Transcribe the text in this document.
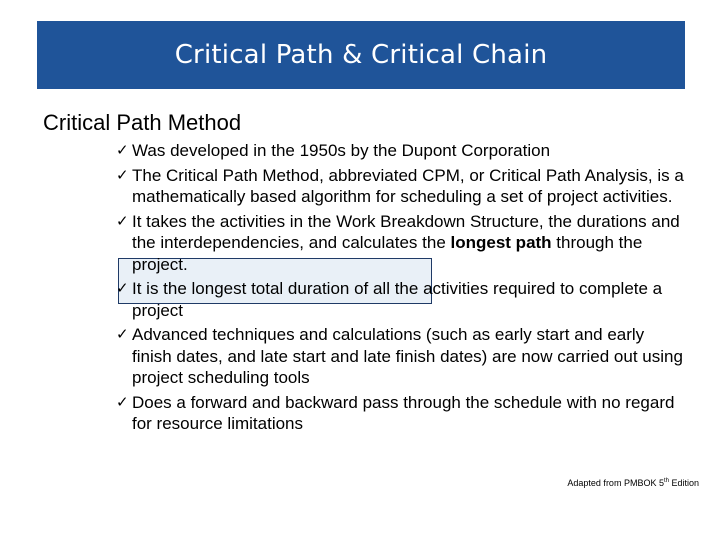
Critical Path & Critical Chain
Critical Path Method
✓ Was developed in the 1950s by the Dupont Corporation
✓ The Critical Path Method, abbreviated CPM, or Critical Path Analysis, is a mathematically based algorithm for scheduling a set of project activities.
✓ It takes the activities in the Work Breakdown Structure, the durations and the interdependencies, and calculates the longest path through the project.
✓ It is the longest total duration of all the activities required to complete a project
✓ Advanced techniques and calculations (such as early start and early finish dates, and late start and late finish dates) are now carried out using project scheduling tools
✓ Does a forward and backward pass through the schedule with no regard for resource limitations
Adapted from PMBOK 5th Edition
